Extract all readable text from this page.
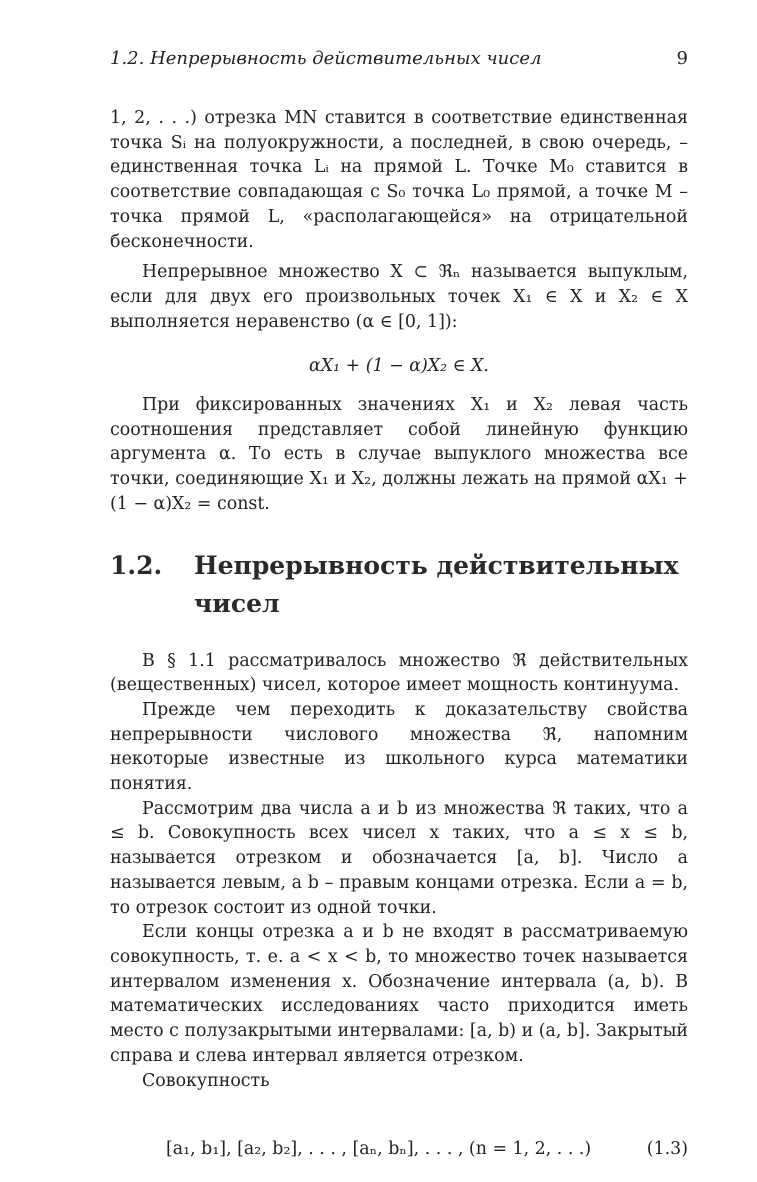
1.2. Непрерывность действительных чисел	9

1, 2, . . .) отрезка MN ставится в соответствие единственная точка Sᵢ на полуокружности, а последней, в свою очередь, – единственная точка Lᵢ на прямой L. Точке M₀ ставится в соответствие совпадающая с S₀ точка L₀ прямой, а точке M – точка прямой L, «располагающейся» на отрицательной бесконечности.

Непрерывное множество X ⊂ ℜₙ называется выпуклым, если для двух его произвольных точек X₁ ∈ X и X₂ ∈ X выполняется неравенство (α ∈ [0, 1]):

αX₁ + (1 − α)X₂ ∈ X.

При фиксированных значениях X₁ и X₂ левая часть соотношения представляет собой линейную функцию аргумента α. То есть в случае выпуклого множества все точки, соединяющие X₁ и X₂, должны лежать на прямой αX₁ + (1 − α)X₂ = const.

1.2. Непрерывность действительных чисел

В § 1.1 рассматривалось множество ℜ действительных (вещественных) чисел, которое имеет мощность континуума.

Прежде чем переходить к доказательству свойства непрерывности числового множества ℜ, напомним некоторые известные из школьного курса математики понятия.

Рассмотрим два числа a и b из множества ℜ таких, что a ≤ b. Совокупность всех чисел x таких, что a ≤ x ≤ b, называется отрезком и обозначается [a, b]. Число a называется левым, а b – правым концами отрезка. Если a = b, то отрезок состоит из одной точки.

Если концы отрезка a и b не входят в рассматриваемую совокупность, т. е. a < x < b, то множество точек называется интервалом изменения x. Обозначение интервала (a, b). В математических исследованиях часто приходится иметь место с полузакрытыми интервалами: [a, b) и (a, b]. Закрытый справа и слева интервал является отрезком.

Совокупность

[a₁, b₁], [a₂, b₂], . . . , [aₙ, bₙ], . . . , (n = 1, 2, . . .)	(1.3)
